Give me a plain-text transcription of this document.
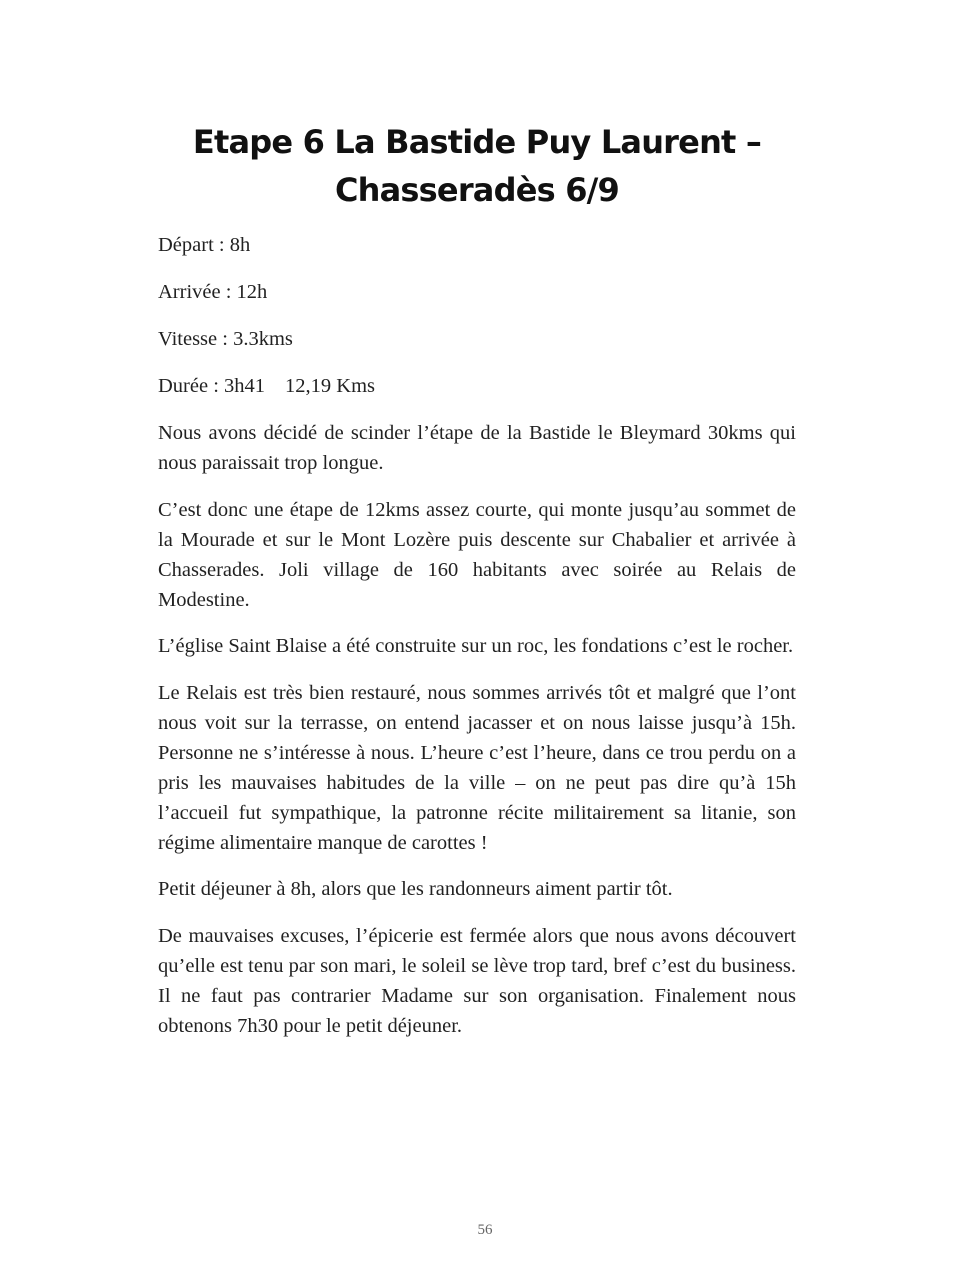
Etape 6 La Bastide Puy Laurent – Chasseradès 6/9

Départ : 8h

Arrivée : 12h

Vitesse : 3.3kms

Durée : 3h41 12,19 Kms

Nous avons décidé de scinder l’étape de la Bastide le Bleymard 30kms qui nous paraissait trop longue.

C’est donc une étape de 12kms assez courte, qui monte jusqu’au sommet de la Mourade et sur le Mont Lozère puis descente sur Chabalier et arrivée à Chasserades. Joli village de 160 habitants avec soirée au Relais de Modestine.

L’église Saint Blaise a été construite sur un roc, les fondations c’est le rocher.

Le Relais est très bien restauré, nous sommes arrivés tôt et malgré que l’ont nous voit sur la terrasse, on entend jacasser et on nous laisse jusqu’à 15h. Personne ne s’intéresse à nous. L’heure c’est l’heure, dans ce trou perdu on a pris les mauvaises habitudes de la ville – on ne peut pas dire qu’à 15h l’accueil fut sympathique, la patronne récite militairement sa litanie, son régime alimentaire manque de carottes !

Petit déjeuner à 8h, alors que les randonneurs aiment partir tôt.

De mauvaises excuses, l’épicerie est fermée alors que nous avons découvert qu’elle est tenu par son mari, le soleil se lève trop tard, bref c’est du business. Il ne faut pas contrarier Madame sur son organisation. Finalement nous obtenons 7h30 pour le petit déjeuner.

56
